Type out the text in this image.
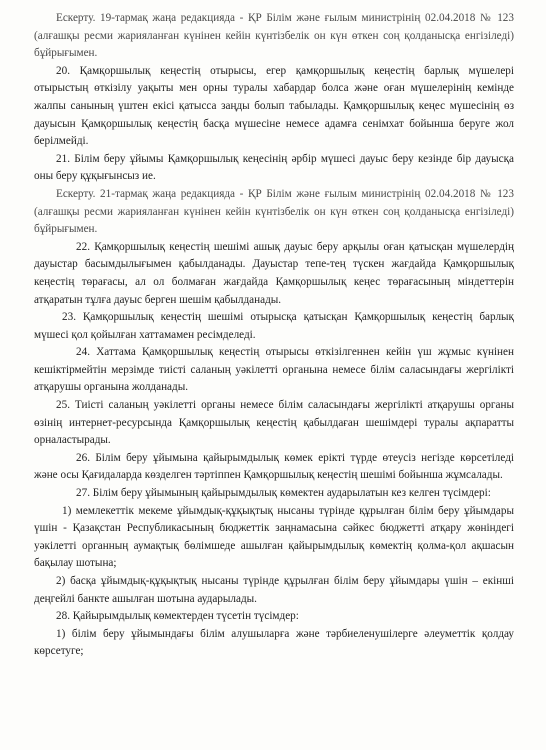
Ескерту. 19-тармақ жаңа редакцияда - ҚР Білім және ғылым министрінің 02.04.2018 № 123 (алғашқы ресми жарияланған күнінен кейін күнтізбелік он күн өткен соң қолданысқа енгізіледі) бұйрығымен.

20. Қамқоршылық кеңестің отырысы, егер қамқоршылық кеңестің барлық мүшелері отырыстың өткізілу уақыты мен орны туралы хабардар болса және оған мүшелерінің кемінде жалпы санының үштен екісі қатысса заңды болып табылады. Қамқоршылық кеңес мүшесінің өз дауысын Қамқоршылық кеңестің басқа мүшесіне немесе адамға сенімхат бойынша беруге жол берілмейді.

21. Білім беру ұйымы Қамқоршылық кеңесінің әрбір мүшесі дауыс беру кезінде бір дауысқа оны беру құқығынсыз ие.

Ескерту. 21-тармақ жаңа редакцияда - ҚР Білім және ғылым министрінің 02.04.2018 № 123 (алғашқы ресми жарияланған күнінен кейін күнтізбелік он күн өткен соң қолданысқа енгізіледі) бұйрығымен.

22. Қамқоршылық кеңестің шешімі ашық дауыс беру арқылы оған қатысқан мүшелердің дауыстар басымдылығымен қабылданады. Дауыстар тепе-тең түскен жағдайда Қамқоршылық кеңестің төрағасы, ал ол болмаған жағдайда Қамқоршылық кеңес төрағасының міндеттерін атқаратын тұлға дауыс берген шешім қабылданады.

23. Қамқоршылық кеңестің шешімі отырысқа қатысқан Қамқоршылық кеңестің барлық мүшесі қол қойылған хаттамамен ресімделеді.

24. Хаттама Қамқоршылық кеңестің отырысы өткізілгеннен кейін үш жұмыс күнінен кешіктірмейтін мерзімде тиісті саланың уәкілетті органына немесе білім саласындағы жергілікті атқарушы органына жолданады.

25. Тиісті саланың уәкілетті органы немесе білім саласындағы жергілікті атқарушы органы өзінің интернет-ресурсында Қамқоршылық кеңестің қабылдаған шешімдері туралы ақпаратты орналастырады.

26. Білім беру ұйымына қайырымдылық көмек ерікті түрде өтеусіз негізде көрсетіледі және осы Қағидаларда көзделген тәртіппен Қамқоршылық кеңестің шешімі бойынша жұмсалады.

27. Білім беру ұйымының қайырымдылық көмектен аударылатын кез келген түсімдері:

1) мемлекеттік мекеме ұйымдық-құқықтық нысаны түрінде құрылған білім беру ұйымдары үшін - Қазақстан Республикасының бюджеттік заңнамасына сәйкес бюджетті атқару жөніндегі уәкілетті органның аумақтық бөлімшеде ашылған қайырымдылық көмектің қолма-қол ақшасын бақылау шотына;

2) басқа ұйымдық-құқықтық нысаны түрінде құрылған білім беру ұйымдары үшін – екінші деңгейлі банкте ашылған шотына аударылады.

28. Қайырымдылық көмектерден түсетін түсімдер:

1) білім беру ұйымындағы білім алушыларға және тәрбиеленушілерге әлеуметтік қолдау көрсетуге;
